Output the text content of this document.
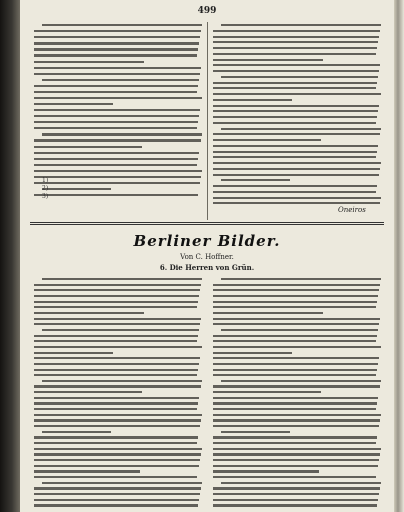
499
1)
2)
3)
Oneiros
Berliner Bilder.
Von C. Hoffner.
6. Die Herren von Grün.
